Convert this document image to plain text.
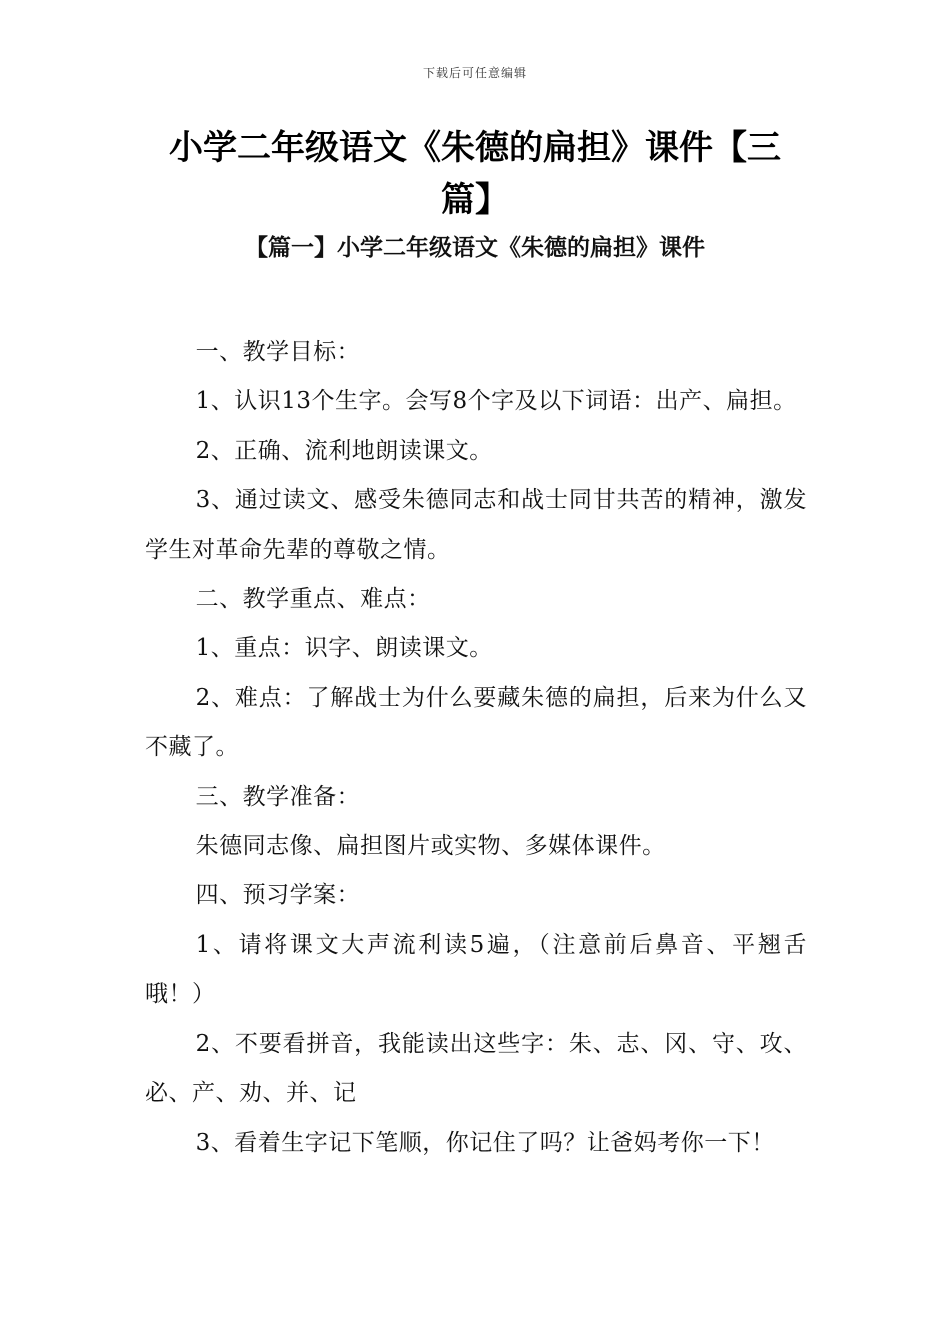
下载后可任意编辑
小学二年级语文《朱德的扁担》课件【三篇】
【篇一】小学二年级语文《朱德的扁担》课件

一、教学目标：

1、认识13个生字。会写8个字及以下词语：出产、扁担。

2、正确、流利地朗读课文。

3、通过读文、感受朱德同志和战士同甘共苦的精神，激发学生对革命先辈的尊敬之情。

二、教学重点、难点：

1、重点：识字、朗读课文。

2、难点：了解战士为什么要藏朱德的扁担，后来为什么又不藏了。

三、教学准备：

朱德同志像、扁担图片或实物、多媒体课件。

四、预习学案：

1、请将课文大声流利读5遍，（注意前后鼻音、平翘舌哦！）

2、不要看拼音，我能读出这些字：朱、志、冈、守、攻、必、产、劝、并、记

3、看着生字记下笔顺，你记住了吗？让爸妈考你一下！
